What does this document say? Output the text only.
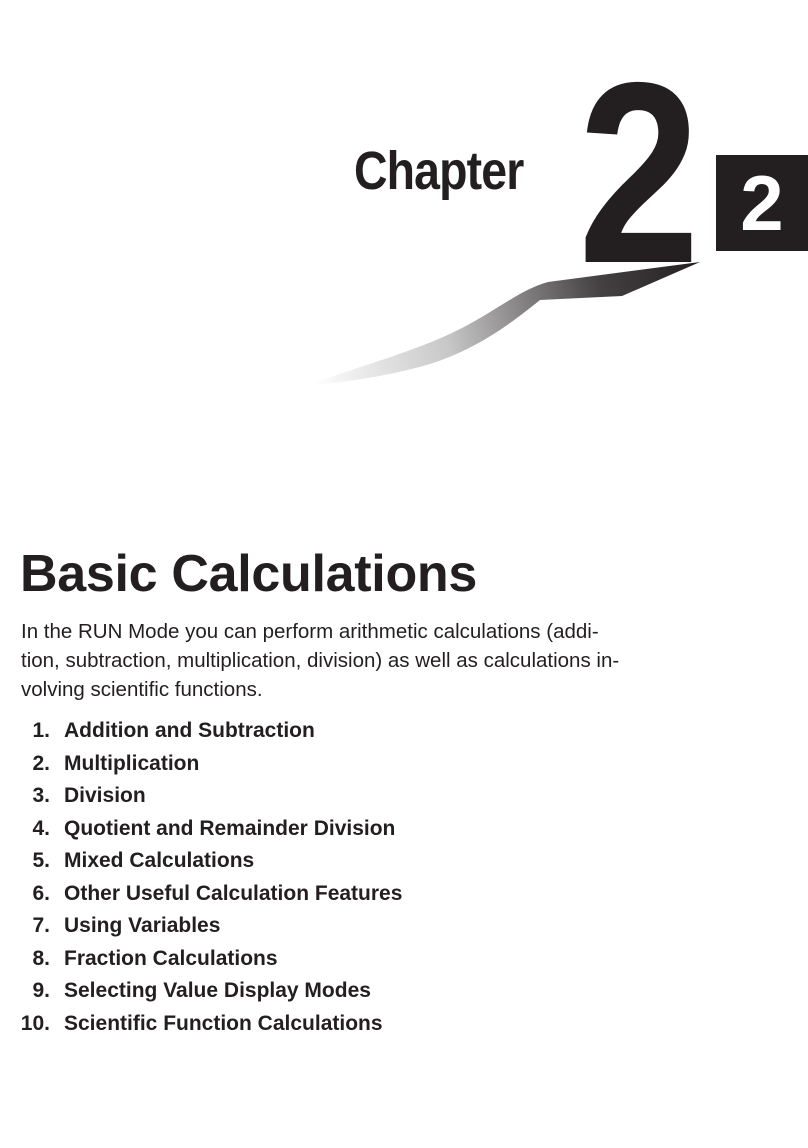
2
Chapter	2
Basic Calculations

In the RUN Mode you can perform arithmetic calculations (addi-
tion, subtraction, multiplication, division) as well as calculations in-
volving scientific functions.

1. Addition and Subtraction
2. Multiplication
3. Division
4. Quotient and Remainder Division
5. Mixed Calculations
6. Other Useful Calculation Features
7. Using Variables
8. Fraction Calculations
9. Selecting Value Display Modes
10. Scientific Function Calculations
